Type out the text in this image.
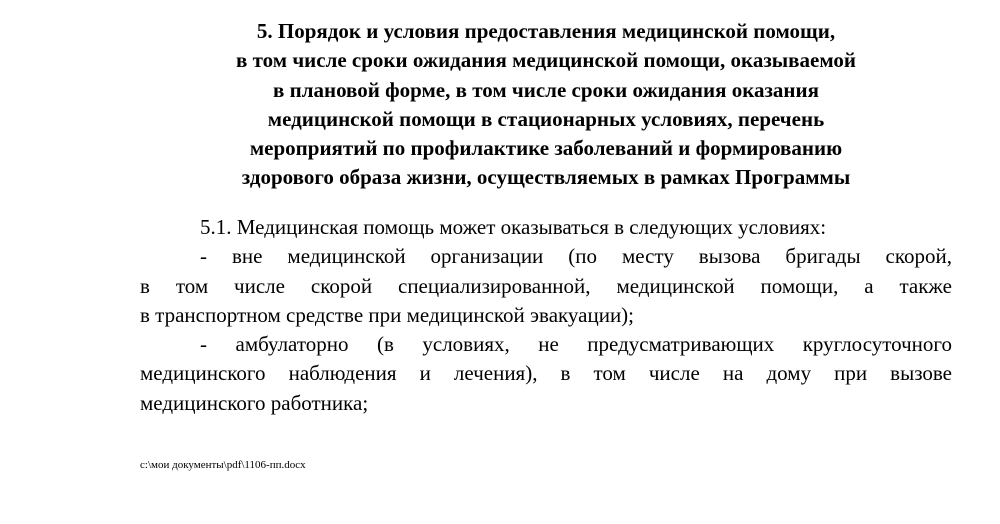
5. Порядок и условия предоставления медицинской помощи,
в том числе сроки ожидания медицинской помощи, оказываемой
в плановой форме, в том числе сроки ожидания оказания
медицинской помощи в стационарных условиях, перечень
мероприятий по профилактике заболеваний и формированию
здорового образа жизни, осуществляемых в рамках Программы
5.1. Медицинская помощь может оказываться в следующих условиях:
- вне медицинской организации (по месту вызова бригады скорой,
в том числе скорой специализированной, медицинской помощи, а также
в транспортном средстве при медицинской эвакуации);
- амбулаторно (в условиях, не предусматривающих круглосуточного
медицинского наблюдения и лечения), в том числе на дому при вызове
медицинского работника;
c:\мои документы\pdf\1106-пп.docx
